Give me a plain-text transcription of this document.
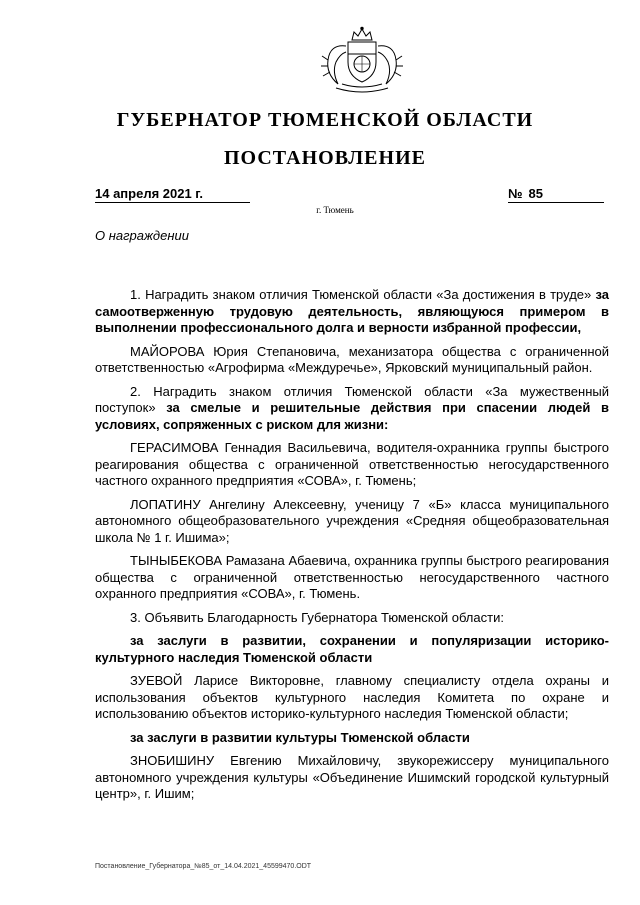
ГУБЕРНАТОР ТЮМЕНСКОЙ ОБЛАСТИ
ПОСТАНОВЛЕНИЕ
14 апреля 2021 г.	№ 85
г. Тюмень
О награждении

1. Наградить знаком отличия Тюменской области «За достижения в труде» за самоотверженную трудовую деятельность, являющуюся примером в выполнении профессионального долга и верности избранной профессии,

МАЙОРОВА Юрия Степановича, механизатора общества с ограниченной ответственностью «Агрофирма «Междуречье», Ярковский муниципальный район.

2. Наградить знаком отличия Тюменской области «За мужественный поступок» за смелые и решительные действия при спасении людей в условиях, сопряженных с риском для жизни:

ГЕРАСИМОВА Геннадия Васильевича, водителя-охранника группы быстрого реагирования общества с ограниченной ответственностью негосударственного частного охранного предприятия «СОВА», г. Тюмень;

ЛОПАТИНУ Ангелину Алексеевну, ученицу 7 «Б» класса муниципального автономного общеобразовательного учреждения «Средняя общеобразовательная школа № 1 г. Ишима»;

ТЫНЫБЕКОВА Рамазана Абаевича, охранника группы быстрого реагирования общества с ограниченной ответственностью негосударственного частного охранного предприятия «СОВА», г. Тюмень.

3. Объявить Благодарность Губернатора Тюменской области:

за заслуги в развитии, сохранении и популяризации историко-культурного наследия Тюменской области

ЗУЕВОЙ Ларисе Викторовне, главному специалисту отдела охраны и использования объектов культурного наследия Комитета по охране и использованию объектов историко-культурного наследия Тюменской области;

за заслуги в развитии культуры Тюменской области

ЗНОБИШИНУ Евгению Михайловичу, звукорежиссеру муниципального автономного учреждения культуры «Объединение Ишимский городской культурный центр», г. Ишим;

Постановление_Губернатора_№85_от_14.04.2021_45599470.ODT
